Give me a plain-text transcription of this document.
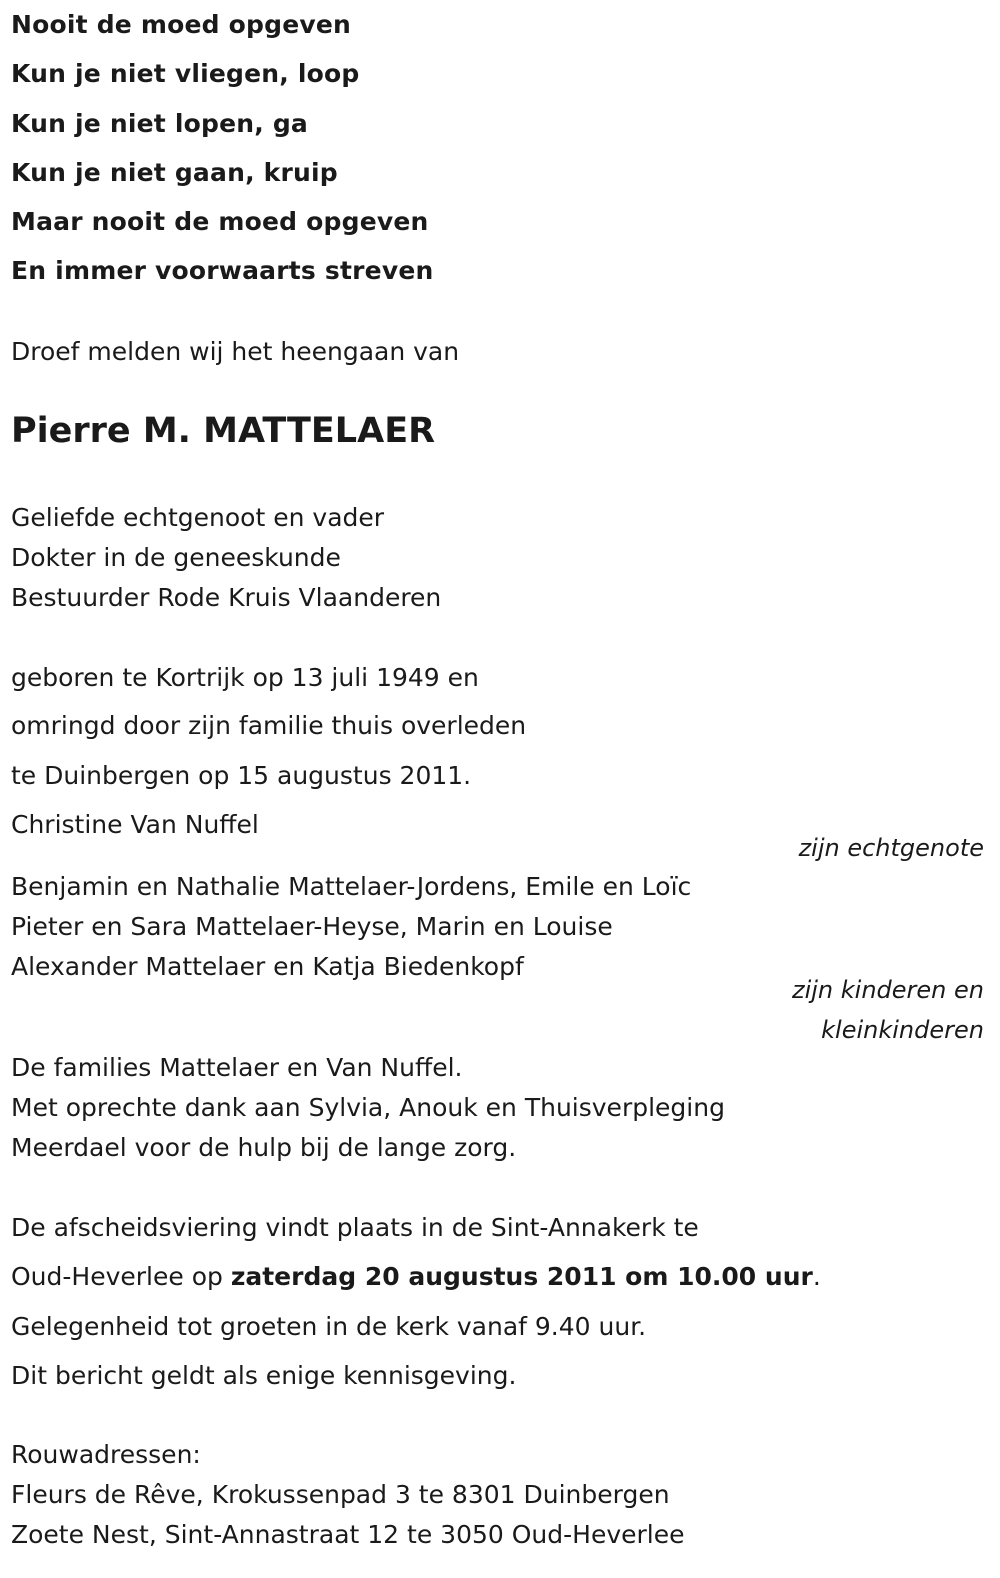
Nooit de moed opgeven
Kun je niet vliegen, loop
Kun je niet lopen, ga
Kun je niet gaan, kruip
Maar nooit de moed opgeven
En immer voorwaarts streven
Droef melden wij het heengaan van
Pierre M. MATTELAER
Geliefde echtgenoot en vader
Dokter in de geneeskunde
Bestuurder Rode Kruis Vlaanderen
geboren te Kortrijk op 13 juli 1949 en
omringd door zijn familie thuis overleden
te Duinbergen op 15 augustus 2011.
Christine Van Nuffel
zijn echtgenote
Benjamin en Nathalie Mattelaer-Jordens, Emile en Loïc
Pieter en Sara Mattelaer-Heyse, Marin en Louise
Alexander Mattelaer en Katja Biedenkopf
zijn kinderen en
kleinkinderen
De families Mattelaer en Van Nuffel.
Met oprechte dank aan Sylvia, Anouk en Thuisverpleging
Meerdael voor de hulp bij de lange zorg.
De afscheidsviering vindt plaats in de Sint-Annakerk te
Oud-Heverlee op zaterdag 20 augustus 2011 om 10.00 uur.
Gelegenheid tot groeten in de kerk vanaf 9.40 uur.
Dit bericht geldt als enige kennisgeving.
Rouwadressen:
Fleurs de Rêve, Krokussenpad 3 te 8301 Duinbergen
Zoete Nest, Sint-Annastraat 12 te 3050 Oud-Heverlee
